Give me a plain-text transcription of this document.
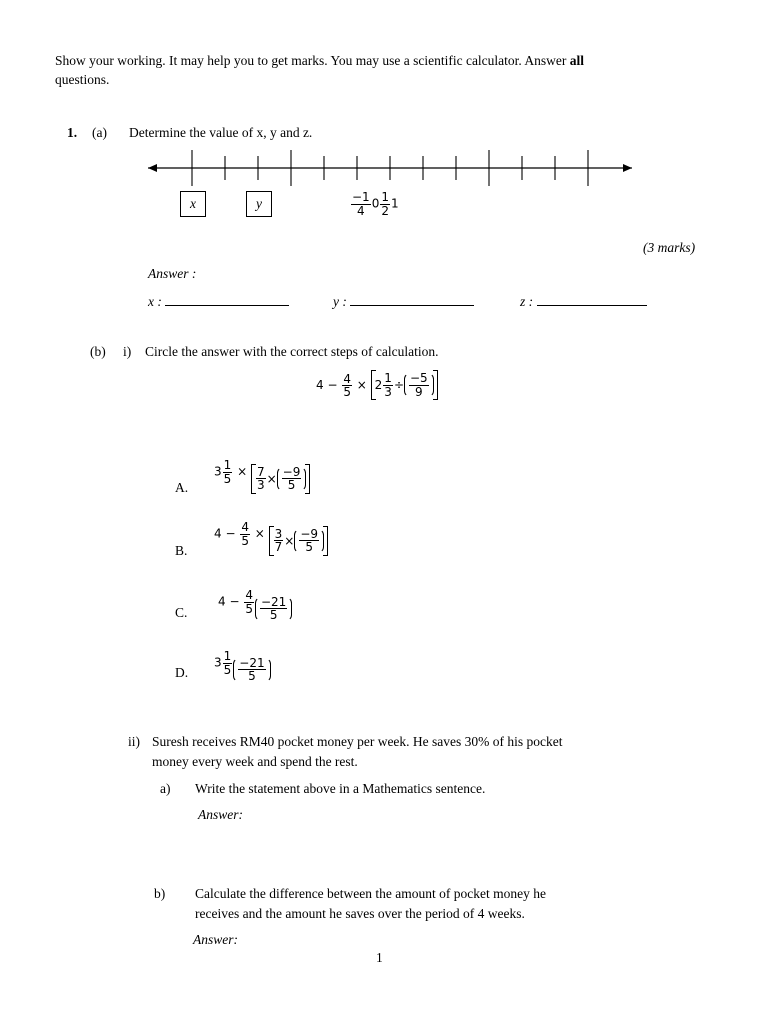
Show your working. It may help you to get marks. You may use a scientific calculator. Answer all
questions.
1. (a) Determine the value of x, y and z.
x	y	$\frac{-1}{4} 0 \frac{1}{2} 1$
(3 marks)
Answer :
x :	y :	z :
(b) i) Circle the answer with the correct steps of calculation.
$4 - \frac{4}{5} \times 2 \frac{1}{3} \div \frac{-5}{9}$
A.
$3 \frac{1}{5} \times \frac{7}{3} \times \frac{-9}{5}$
B.
$4 - \frac{4}{5} \times \frac{3}{7} \times \frac{-9}{5}$
C.
$4 - \frac{4}{5} \frac{-21}{5}$
D.
$3 \frac{1}{5} \frac{-21}{5}$
ii) Suresh receives RM40 pocket money per week. He saves 30% of his pocket
money every week and spend the rest.
a) Write the statement above in a Mathematics sentence.
Answer:
b) Calculate the difference between the amount of pocket money he
receives and the amount he saves over the period of 4 weeks.
Answer:
1
